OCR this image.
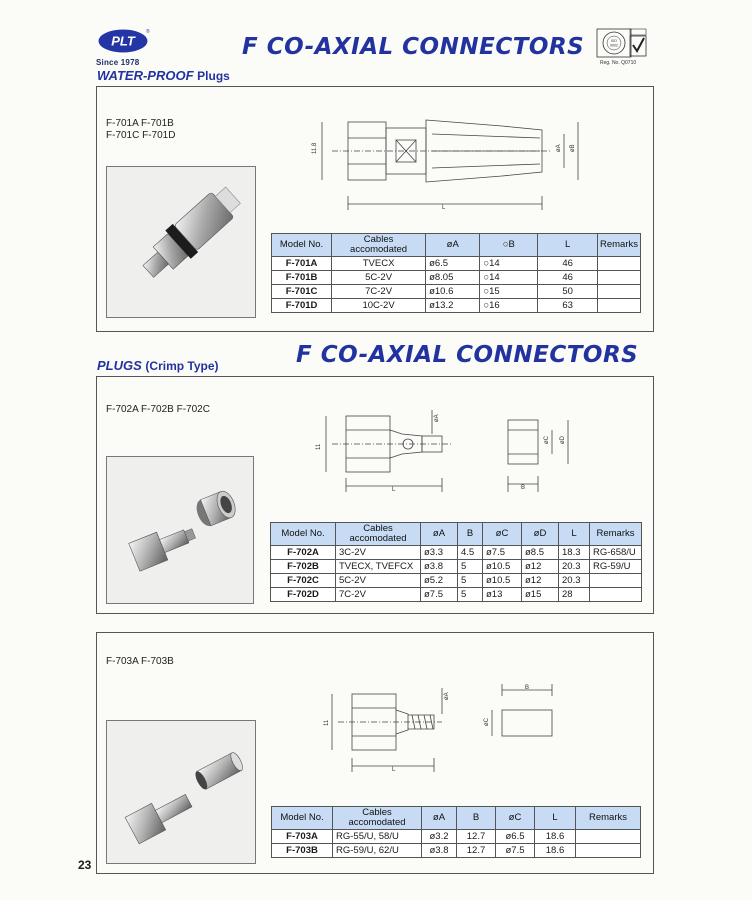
PLT
®
Since 1978
F CO-AXIAL CONNECTORS	ISO
9002
Reg. No. Q0710
WATER-PROOF Plugs
F-701A F-701B
F-701C F-701D
11.8	øA øB
L
Model No.	Cables accomodated	øA	○B	L	Remarks
F-701A	TVECX	ø6.5	○14	46	
F-701B	5C-2V	ø8.05	○14	46	
F-701C	7C-2V	ø10.6	○15	50	
F-701D	10C-2V	ø13.2	○16	63	
PLUGS (Crimp Type)	F CO-AXIAL CONNECTORS
F-702A F-702B F-702C
11
øA
L
øC øD
B
Model No.	Cables accomodated	øA	B	øC	øD	L	Remarks
F-702A	3C-2V	ø3.3	4.5	ø7.5	ø8.5	18.3	RG-658/U
F-702B	TVECX, TVEFCX	ø3.8	5	ø10.5	ø12	20.3	RG-59/U
F-702C	5C-2V	ø5.2	5	ø10.5	ø12	20.3	
F-702D	7C-2V	ø7.5	5	ø13	ø15	28	
F-703A F-703B
11
øA
L
øC
B
Model No.	Cables accomodated	øA	B	øC	L	Remarks
F-703A	RG-55/U, 58/U	ø3.2	12.7	ø6.5	18.6	
F-703B	RG-59/U, 62/U	ø3.8	12.7	ø7.5	18.6	
23
